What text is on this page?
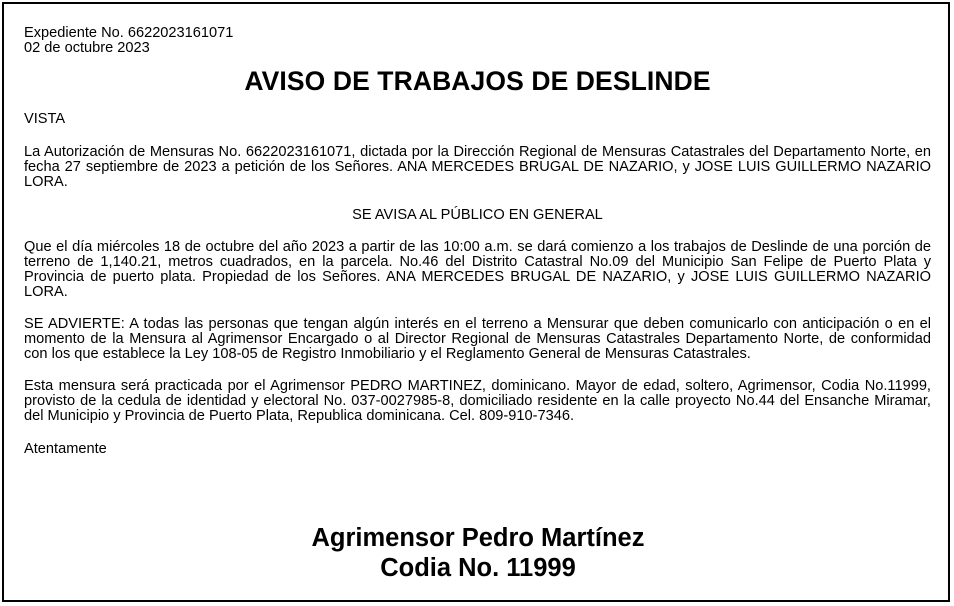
Expediente No. 6622023161071

02 de octubre 2023

AVISO DE TRABAJOS DE DESLINDE

VISTA

La Autorización de Mensuras No. 6622023161071, dictada por la Dirección Regional de Mensuras Catastrales del Departamento Norte, en fecha 27 septiembre de 2023 a petición de los Señores. ANA MERCEDES BRUGAL DE NAZARIO, y JOSE LUIS GUILLERMO NAZARIO LORA.

SE AVISA AL PÚBLICO EN GENERAL

Que el día miércoles 18 de octubre del año 2023 a partir de las 10:00 a.m. se dará comienzo a los trabajos de Deslinde de una porción de terreno de 1,140.21, metros cuadrados, en la parcela. No.46 del Distrito Catastral No.09 del Municipio San Felipe de Puerto Plata y Provincia de puerto plata. Propiedad de los Señores. ANA MERCEDES BRUGAL DE NAZARIO, y JOSE LUIS GUILLERMO NAZARIO LORA.

SE ADVIERTE: A todas las personas que tengan algún interés en el terreno a Mensurar que deben comunicarlo con anticipación o en el momento de la Mensura al Agrimensor Encargado o al Director Regional de Mensuras Catastrales Departamento Norte, de conformidad con los que establece la Ley 108-05 de Registro Inmobiliario y el Reglamento General de Mensuras Catastrales.

Esta mensura será practicada por el Agrimensor PEDRO MARTINEZ, dominicano. Mayor de edad, soltero, Agrimensor, Codia No.11999, provisto de la cedula de identidad y electoral No. 037-0027985-8, domiciliado residente en la calle proyecto No.44 del Ensanche Miramar, del Municipio y Provincia de Puerto Plata, Republica dominicana. Cel. 809-910-7346.

Atentamente

Agrimensor Pedro Martínez
Codia No. 11999
